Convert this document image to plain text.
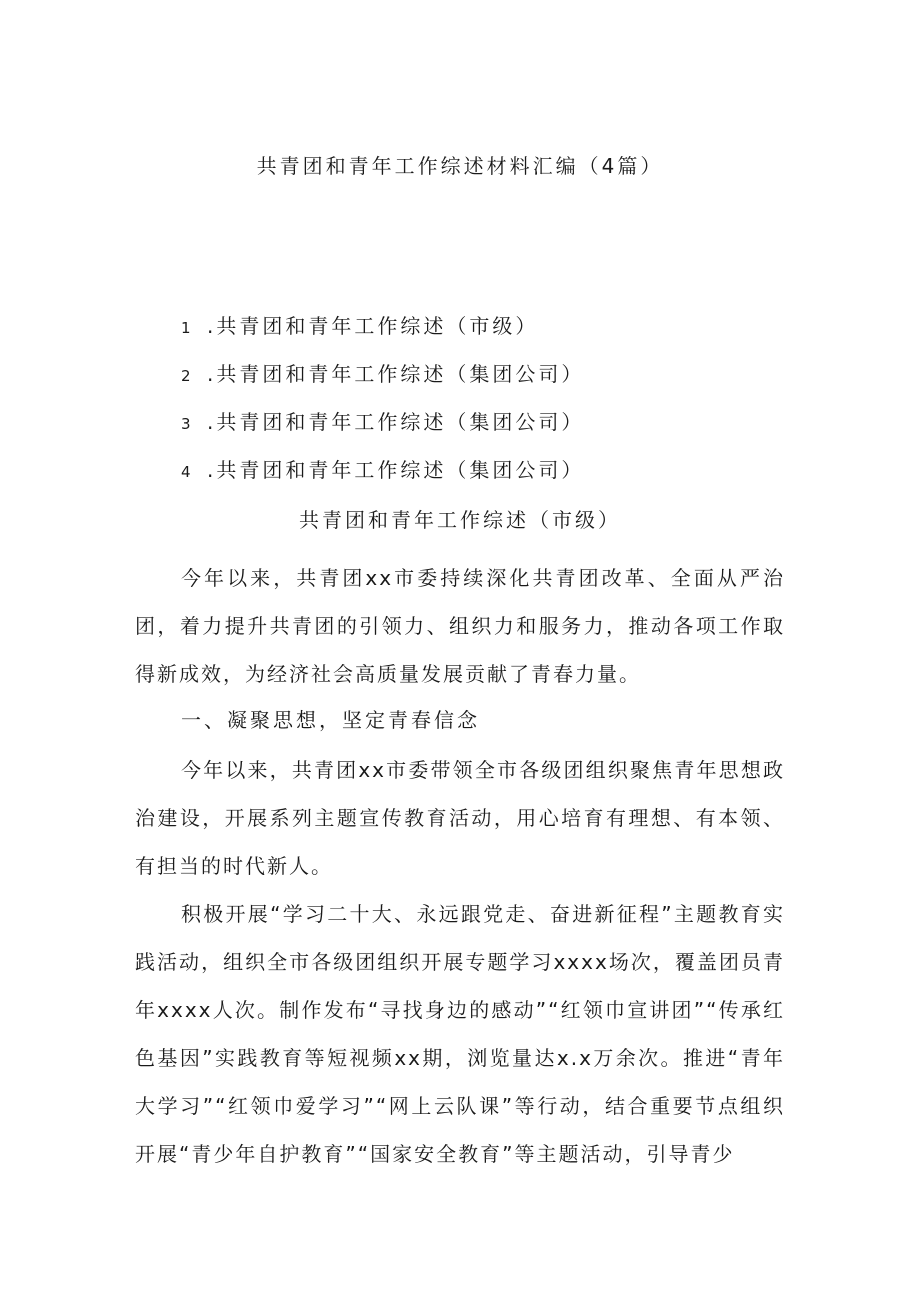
共青团和青年工作综述材料汇编（4篇）
1 .共青团和青年工作综述（市级）
2 .共青团和青年工作综述（集团公司）
3 .共青团和青年工作综述（集团公司）
4 .共青团和青年工作综述（集团公司）
共青团和青年工作综述（市级）

今年以来，共青团xx市委持续深化共青团改革、全面从严治团，着力提升共青团的引领力、组织力和服务力，推动各项工作取得新成效，为经济社会高质量发展贡献了青春力量。

一、凝聚思想，坚定青春信念

今年以来，共青团xx市委带领全市各级团组织聚焦青年思想政治建设，开展系列主题宣传教育活动，用心培育有理想、有本领、有担当的时代新人。

积极开展“学习二十大、永远跟党走、奋进新征程”主题教育实践活动，组织全市各级团组织开展专题学习xxxx场次，覆盖团员青年xxxx人次。制作发布“寻找身边的感动”“红领巾宣讲团”“传承红色基因”实践教育等短视频xx期，浏览量达x.x万余次。推进“青年大学习”“红领巾爱学习”“网上云队课”等行动，结合重要节点组织开展“青少年自护教育”“国家安全教育”等主题活动，引导青少
